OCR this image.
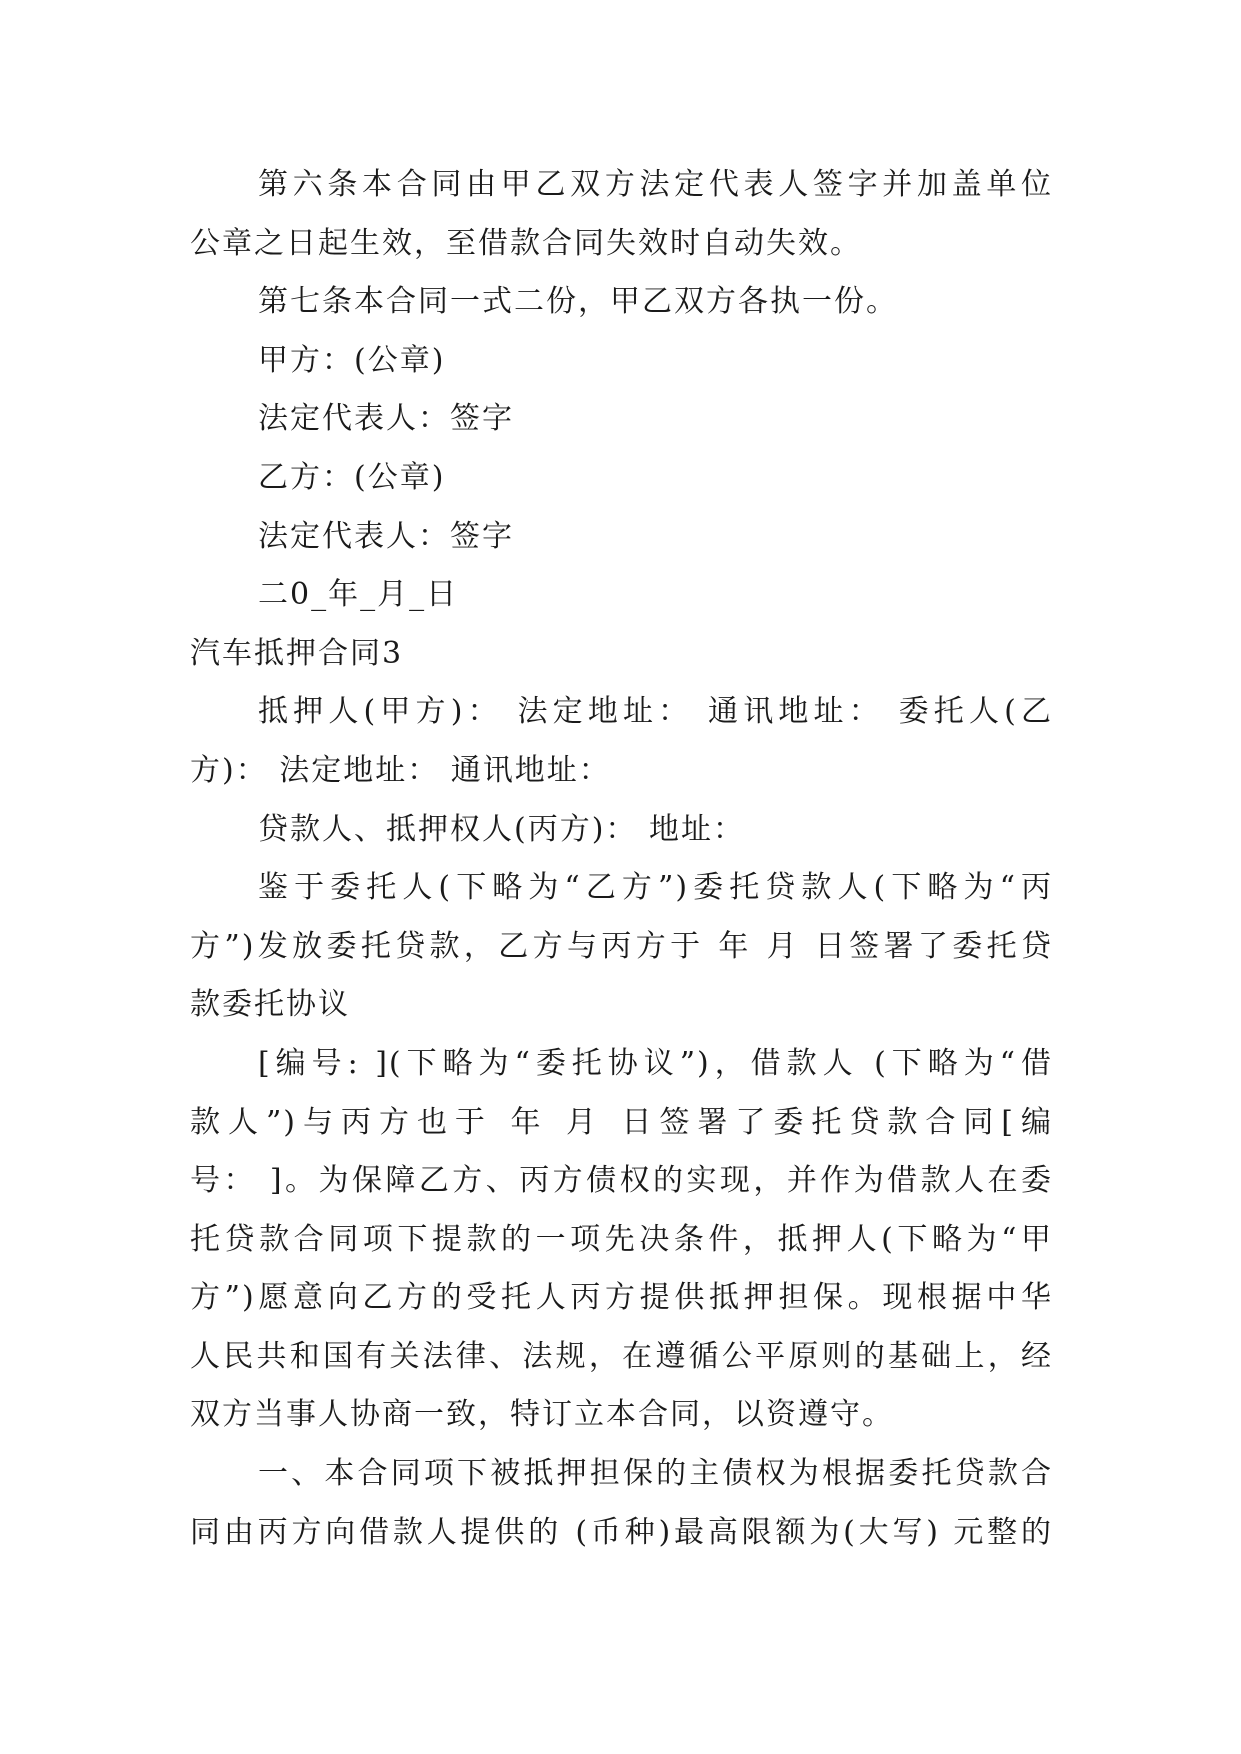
第六条本合同由甲乙双方法定代表人签字并加盖单位
公章之日起生效，至借款合同失效时自动失效。
第七条本合同一式二份，甲乙双方各执一份。
甲方：(公章)
法定代表人：签字
乙方：(公章)
法定代表人：签字
二0_年_月_日
汽车抵押合同3
抵押人(甲方)： 法定地址： 通讯地址： 委托人(乙
方)： 法定地址： 通讯地址：
贷款人、抵押权人(丙方)： 地址：
鉴于委托人(下略为“乙方”)委托贷款人(下略为“丙
方”)发放委托贷款，乙方与丙方于 年 月 日签署了委托贷
款委托协议
[编号: ](下略为“委托协议”)，借款人 (下略为“借
款人”)与丙方也于 年 月 日签署了委托贷款合同[编
号： ]。为保障乙方、丙方债权的实现，并作为借款人在委
托贷款合同项下提款的一项先决条件，抵押人(下略为“甲
方”)愿意向乙方的受托人丙方提供抵押担保。现根据中华
人民共和国有关法律、法规，在遵循公平原则的基础上，经
双方当事人协商一致，特订立本合同，以资遵守。
一、本合同项下被抵押担保的主债权为根据委托贷款合
同由丙方向借款人提供的 (币种)最高限额为(大写) 元整的
